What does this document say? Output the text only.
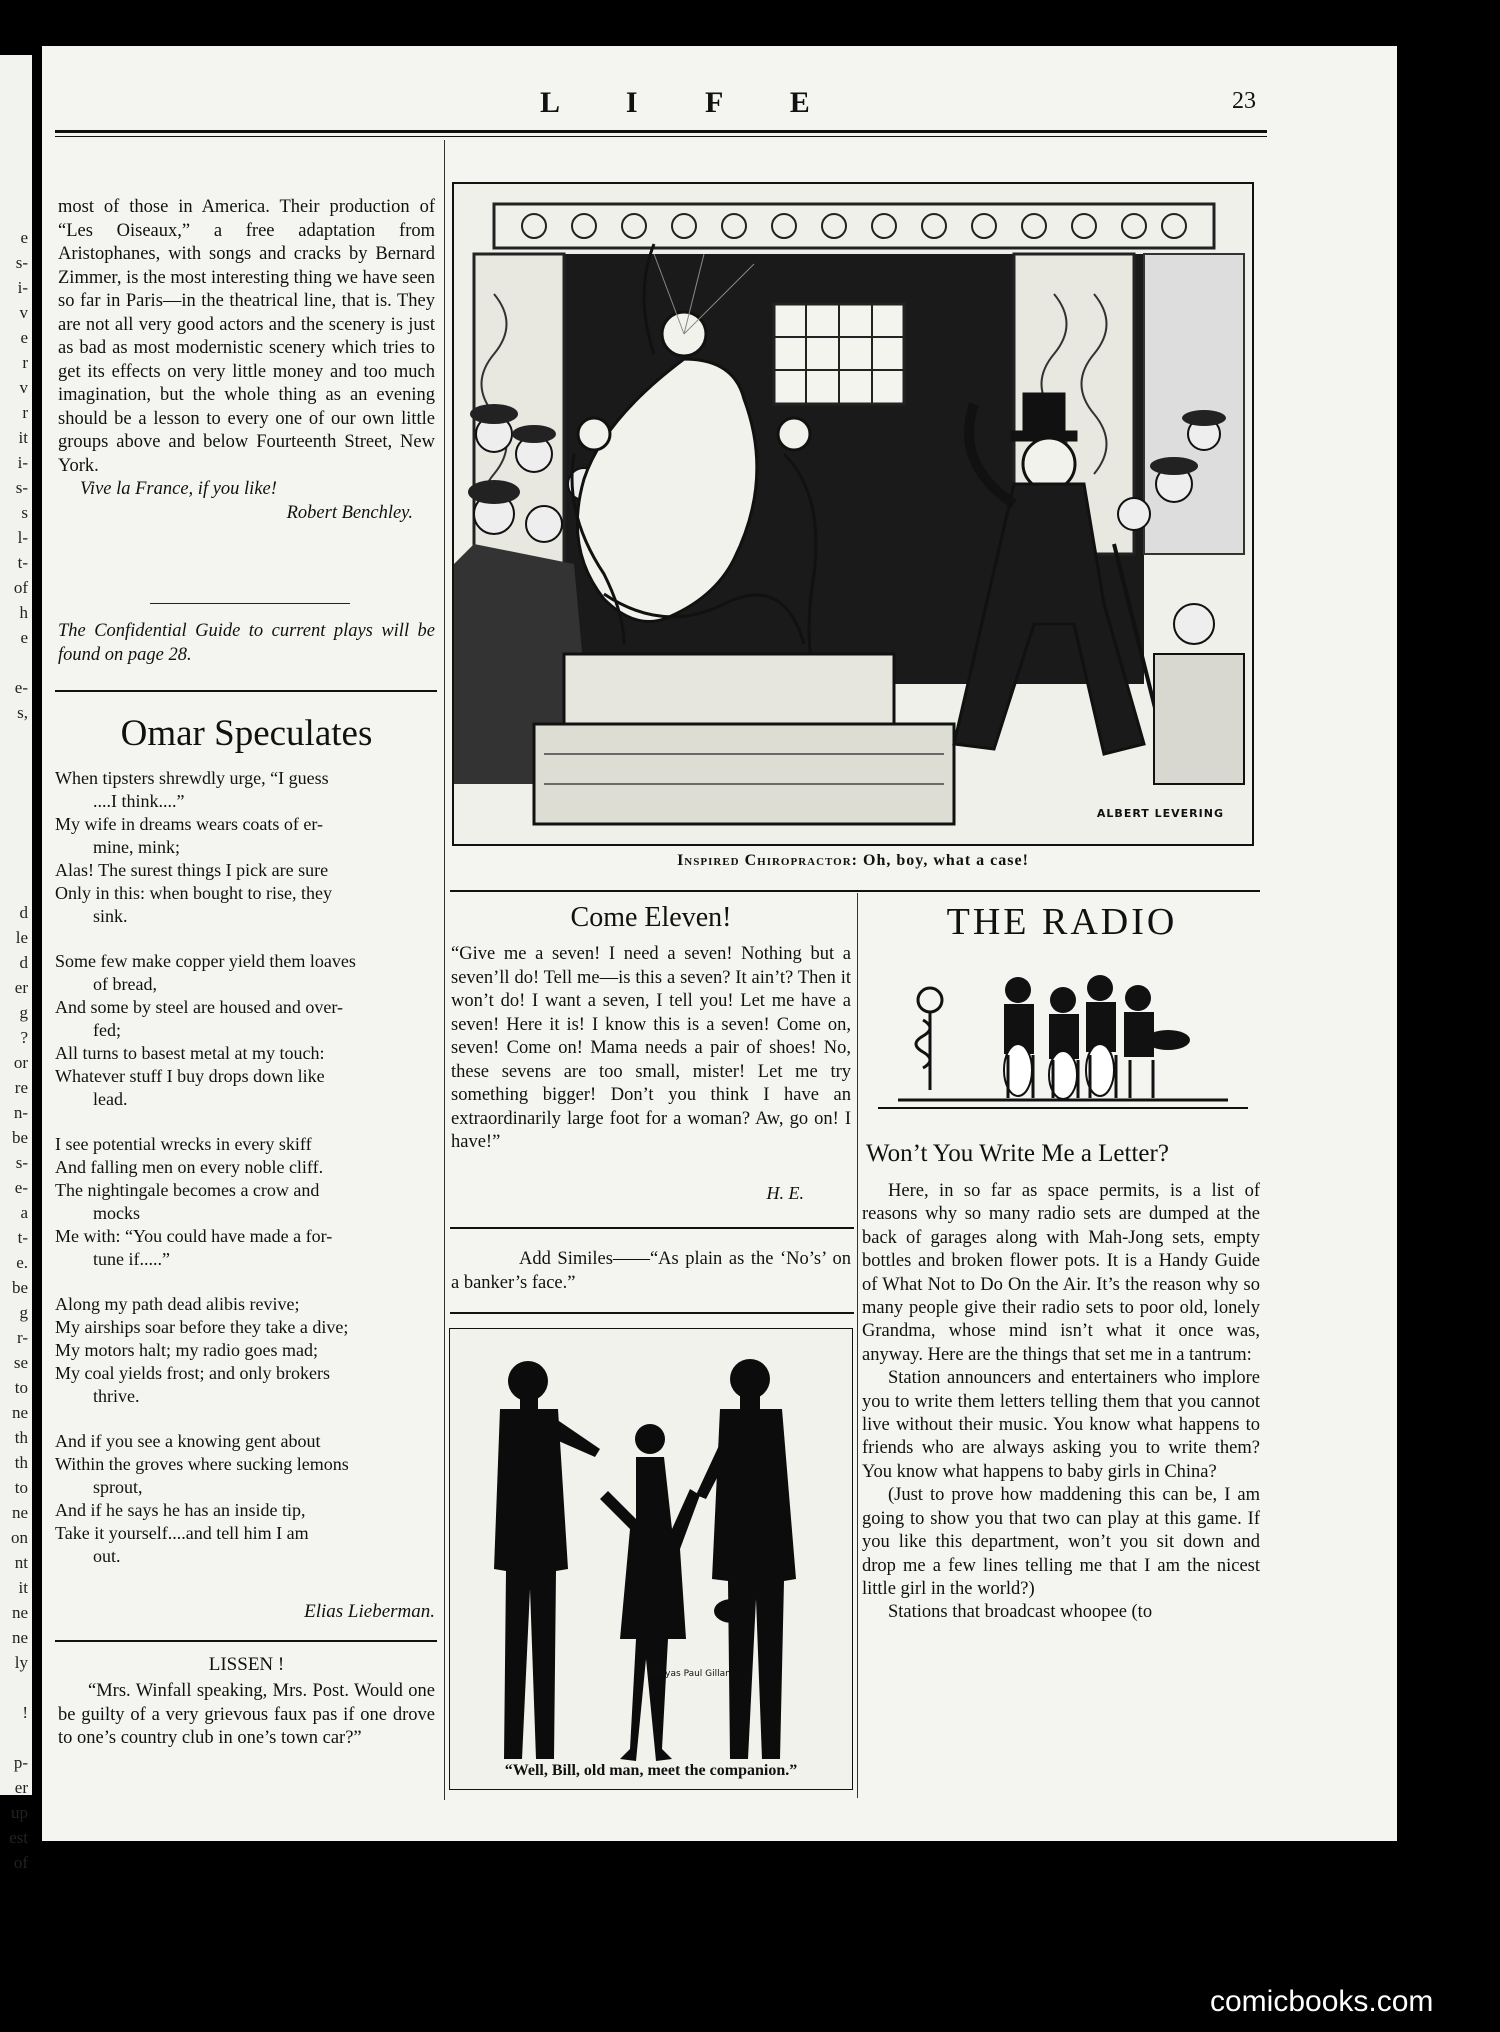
e
s-
i-
v
e
r
v
r
it
i-
s-
s
l-
t-
of
h
e

e-
s,

d
le
d
er
g
?
or
re
n-
be
s-
e-
a
t-
e.
be
g
r-
se
to
ne
th
th
to
ne
on
nt
it
ne
ne
ly

!

p-
er
up
est
of
L I F E	23
most of those in America. Their production of “Les Oiseaux,” a free adaptation from Aristophanes, with songs and cracks by Bernard Zimmer, is the most interesting thing we have seen so far in Paris—in the theatrical line, that is. They are not all very good actors and the scenery is just as bad as most modernistic scenery which tries to get its effects on very little money and too much imagination, but the whole thing as an evening should be a lesson to every one of our own little groups above and below Fourteenth Street, New York.
Vive la France, if you like!
Robert Benchley.
The Confidential Guide to current plays will be found on page 28.
Omar Speculates

When tipsters shrewdly urge, “I guess

....I think....”

My wife in dreams wears coats of er-

mine, mink;

Alas! The surest things I pick are sure

Only in this: when bought to rise, they

sink.

Some few make copper yield them loaves

of bread,

And some by steel are housed and over-

fed;

All turns to basest metal at my touch:

Whatever stuff I buy drops down like

lead.

I see potential wrecks in every skiff

And falling men on every noble cliff.

The nightingale becomes a crow and

mocks

Me with: “You could have made a for-

tune if.....”

Along my path dead alibis revive;

My airships soar before they take a dive;

My motors halt; my radio goes mad;

My coal yields frost; and only brokers

thrive.

And if you see a knowing gent about

Within the groves where sucking lemons

sprout,

And if he says he has an inside tip,

Take it yourself....and tell him I am

out.

Elias Lieberman.
LISSEN !
“Mrs. Winfall speaking, Mrs. Post. Would one be guilty of a very grievous faux pas if one drove to one’s country club in one’s town car?”
ALBERT LEVERING
Inspired Chiropractor: Oh, boy, what a case!
Come Eleven!
“Give me a seven! I need a seven! Nothing but a seven’ll do! Tell me—is this a seven? It ain’t? Then it won’t do! I want a seven, I tell you! Let me have a seven! Here it is! I know this is a seven! Come on, seven! Come on! Mama needs a pair of shoes! No, these sevens are too small, mister! Let me try something bigger! Don’t you think I have an extraordinarily large foot for a woman? Aw, go on! I have!”
H. E.
Add Similes——“As plain as the ‘No’s’ on a banker’s face.”
Gluyas Paul Gillam
“Well, Bill, old man, meet the companion.”
THE RADIO
Won’t You Write Me a Letter?
Here, in so far as space permits, is a list of reasons why so many radio sets are dumped at the back of garages along with Mah-Jong sets, empty bottles and broken flower pots. It is a Handy Guide of What Not to Do On the Air. It’s the reason why so many people give their radio sets to poor old, lonely Grandma, whose mind isn’t what it once was, anyway. Here are the things that set me in a tantrum:
Station announcers and entertainers who implore you to write them letters telling them that you cannot live without their music. You know what happens to friends who are always asking you to write them? You know what happens to baby girls in China?
(Just to prove how maddening this can be, I am going to show you that two can play at this game. If you like this department, won’t you sit down and drop me a few lines telling me that I am the nicest little girl in the world?)
Stations that broadcast whoopee (to
comicbooks.com
